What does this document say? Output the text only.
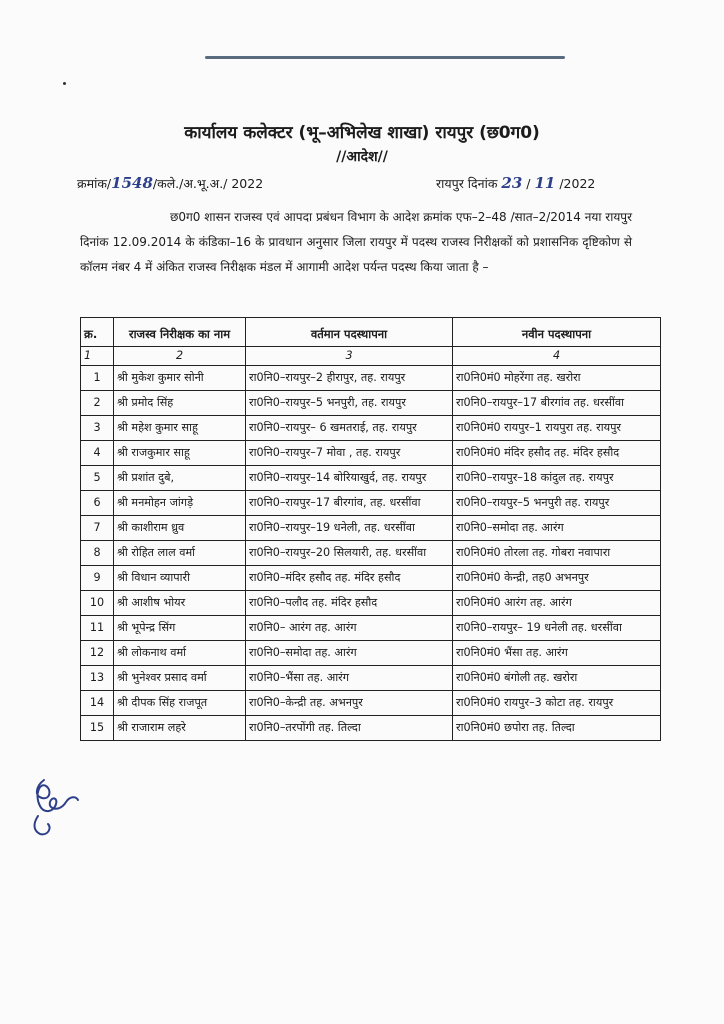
कार्यालय कलेक्टर (भू–अभिलेख शाखा) रायपुर (छ0ग0)
//आदेश//
क्रमांक/1548/कले./अ.भू.अ./ 2022	रायपुर दिनांक 23 / 11 /2022
छ0ग0 शासन राजस्व एवं आपदा प्रबंधन विभाग के आदेश क्रमांक एफ–2–48 /सात–2/2014 नया रायपुर दिनांक 12.09.2014 के कंडिका–16 के प्रावधान अनुसार जिला रायपुर में पदस्थ राजस्व निरीक्षकों को प्रशासनिक दृष्टिकोण से कॉलम नंबर 4 में अंकित राजस्व निरीक्षक मंडल में आगामी आदेश पर्यन्त पदस्थ किया जाता है –
क्र.	राजस्व निरीक्षक का नाम	वर्तमान पदस्थापना	नवीन पदस्थापना
1	2	3	4
1	श्री मुकेश कुमार सोनी	रा0नि0–रायपुर–2 हीरापुर, तह. रायपुर	रा0नि0मं0 मोहरेंगा तह. खरोरा
2	श्री प्रमोद सिंह	रा0नि0–रायपुर–5 भनपुरी, तह. रायपुर	रा0नि0–रायपुर–17 बीरगांव तह. धरसींवा
3	श्री महेश कुमार साहू	रा0नि0–रायपुर– 6 खमतराई, तह. रायपुर	रा0नि0मं0 रायपुर–1 रायपुरा तह. रायपुर
4	श्री राजकुमार साहू	रा0नि0–रायपुर–7 मोवा , तह. रायपुर	रा0नि0मं0 मंदिर हसौद तह. मंदिर हसौद
5	श्री प्रशांत दुबे,	रा0नि0–रायपुर–14 बोरियाखुर्द, तह. रायपुर	रा0नि0–रायपुर–18 कांदुल तह. रायपुर
6	श्री मनमोहन जांगड़े	रा0नि0–रायपुर–17 बीरगांव, तह. धरसींवा	रा0नि0–रायपुर–5 भनपुरी तह. रायपुर
7	श्री काशीराम ध्रुव	रा0नि0–रायपुर–19 धनेली, तह. धरसींवा	रा0नि0–समोदा तह. आरंग
8	श्री रोहित लाल वर्मा	रा0नि0–रायपुर–20 सिलयारी, तह. धरसींवा	रा0नि0मं0 तोरला तह. गोबरा नवापारा
9	श्री विधान व्यापारी	रा0नि0–मंदिर हसौद तह. मंदिर हसौद	रा0नि0मं0 केन्द्री, तह0 अभनपुर
10	श्री आशीष भोयर	रा0नि0–पलौद तह. मंदिर हसौद	रा0नि0मं0 आरंग तह. आरंग
11	श्री भूपेन्द्र सिंग	रा0नि0– आरंग तह. आरंग	रा0नि0–रायपुर– 19 धनेली तह. धरसींवा
12	श्री लोकनाथ वर्मा	रा0नि0–समोदा तह. आरंग	रा0नि0मं0 भैंसा तह. आरंग
13	श्री भुनेश्वर प्रसाद वर्मा	रा0नि0–भैंसा तह. आरंग	रा0नि0मं0 बंगोली तह. खरोरा
14	श्री दीपक सिंह राजपूत	रा0नि0–केन्द्री तह. अभनपुर	रा0नि0मं0 रायपुर–3 कोटा तह. रायपुर
15	श्री राजाराम लहरे	रा0नि0–तरपोंगी तह. तिल्दा	रा0नि0मं0 छपोरा तह. तिल्दा
